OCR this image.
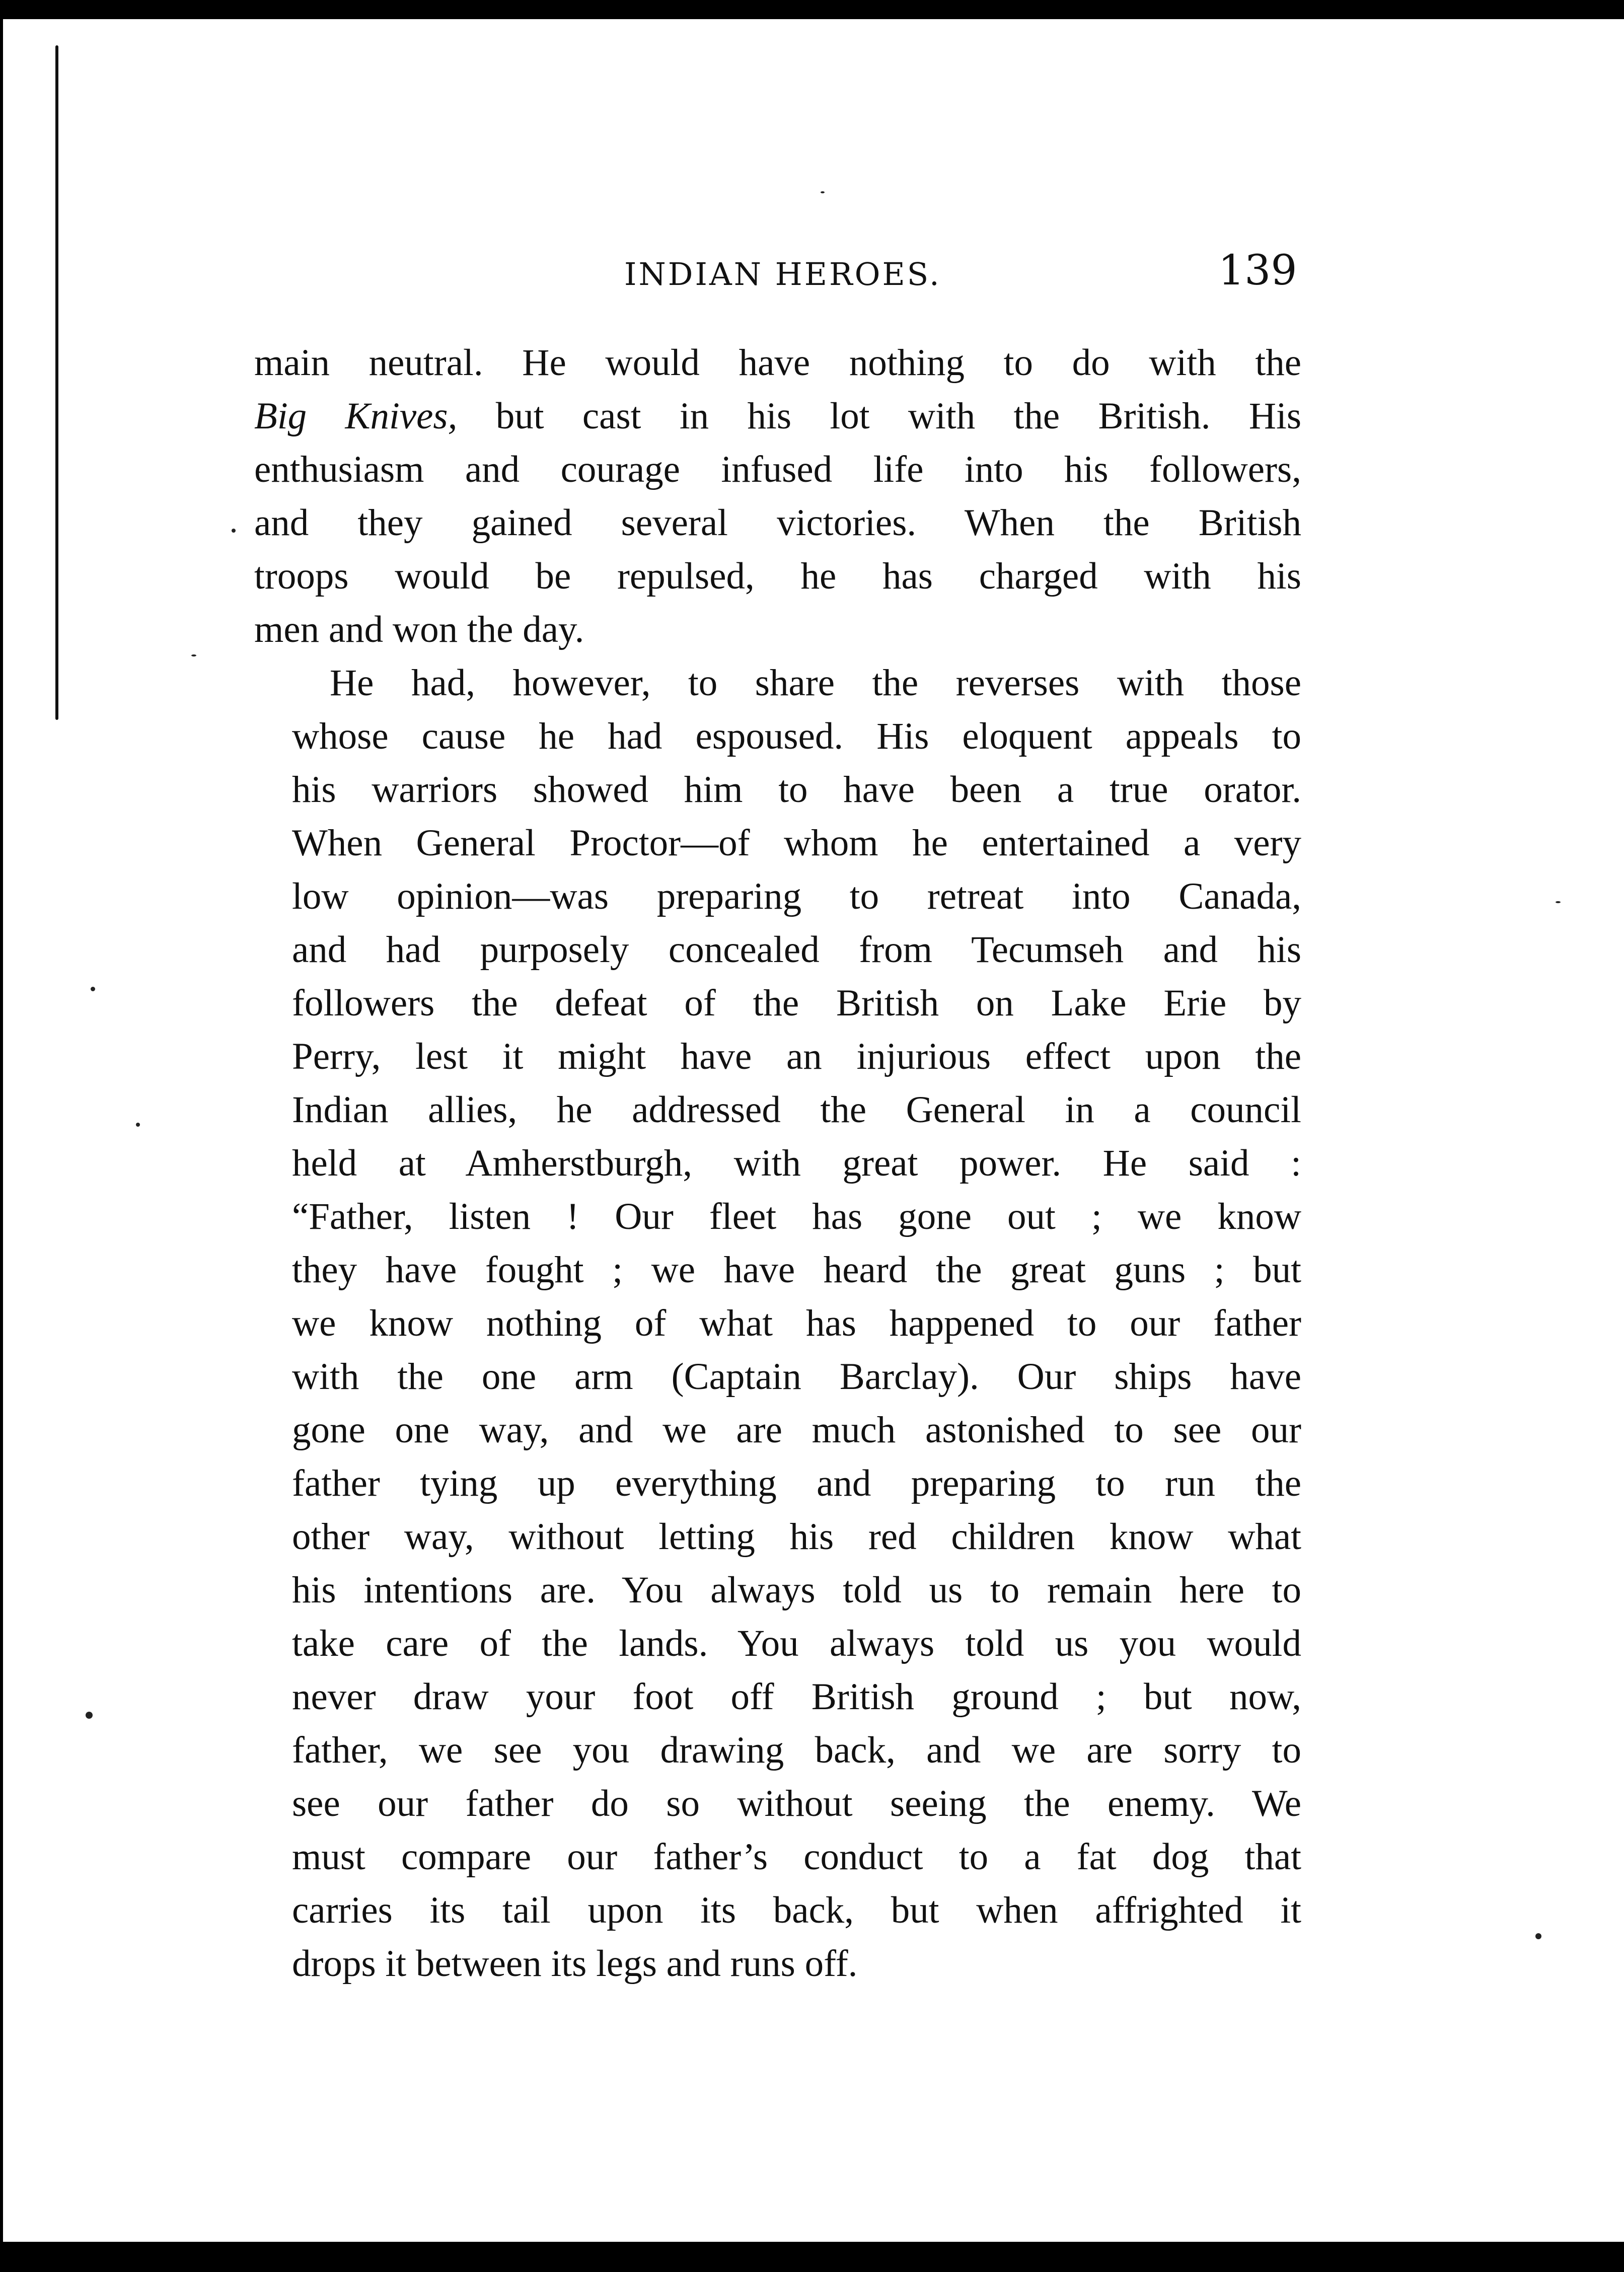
INDIAN HEROES.	139
main neutral. He would have nothing to do with the
Big Knives, but cast in his lot with the British. His
enthusiasm and courage infused life into his followers,
and they gained several victories. When the British
troops would be repulsed, he has charged with his
men and won the day.
He had, however, to share the reverses with those
whose cause he had espoused. His eloquent appeals to
his warriors showed him to have been a true orator.
When General Proctor—of whom he entertained a very
low opinion—was preparing to retreat into Canada,
and had purposely concealed from Tecumseh and his
followers the defeat of the British on Lake Erie by
Perry, lest it might have an injurious effect upon the
Indian allies, he addressed the General in a council
held at Amherstburgh, with great power. He said :
“Father, listen ! Our fleet has gone out ; we know
they have fought ; we have heard the great guns ; but
we know nothing of what has happened to our father
with the one arm (Captain Barclay). Our ships have
gone one way, and we are much astonished to see our
father tying up everything and preparing to run the
other way, without letting his red children know what
his intentions are. You always told us to remain here to
take care of the lands. You always told us you would
never draw your foot off British ground ; but now,
father, we see you drawing back, and we are sorry to
see our father do so without seeing the enemy. We
must compare our father’s conduct to a fat dog that
carries its tail upon its back, but when affrighted it
drops it between its legs and runs off.
